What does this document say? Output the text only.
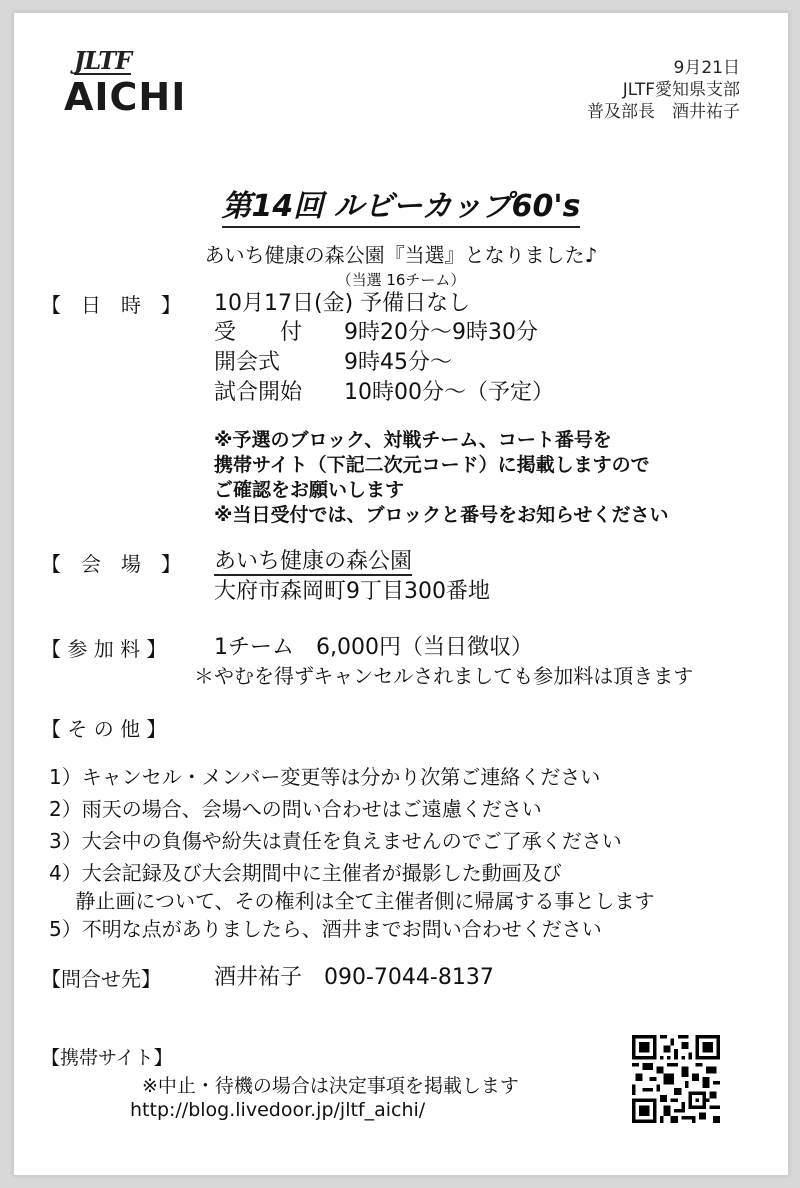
JLTF
AICHI
9月21日
JLTF愛知県支部
普及部長　酒井祐子
第14回 ルビーカップ60's
あいち健康の森公園『当選』となりました♪
（当選 16チーム）
【　日　時　】 10月17日(金) 予備日なし
受　　付 9時20分～9時30分
開会式	9時45分～
試合開始 10時00分～（予定）
※予選のブロック、対戦チーム、コート番号を
携帯サイト（下記二次元コード）に掲載しますので
ご確認をお願いします
※当日受付では、ブロックと番号をお知らせください
【　会　場　】 あいち健康の森公園
大府市森岡町9丁目300番地
【 参 加 料 】 1チーム　6,000円（当日徴収）
＊やむを得ずキャンセルされましても参加料は頂きます
【 そ の 他 】
1）キャンセル・メンバー変更等は分かり次第ご連絡ください
2）雨天の場合、会場への問い合わせはご遠慮ください
3）大会中の負傷や紛失は責任を負えませんのでご了承ください
4）大会記録及び大会期間中に主催者が撮影した動画及び
　 静止画について、その権利は全て主催者側に帰属する事とします
5）不明な点がありましたら、酒井までお問い合わせください
【問合せ先】 酒井祐子　090-7044-8137
【携帯サイト】
※中止・待機の場合は決定事項を掲載します
http://blog.livedoor.jp/jltf_aichi/
